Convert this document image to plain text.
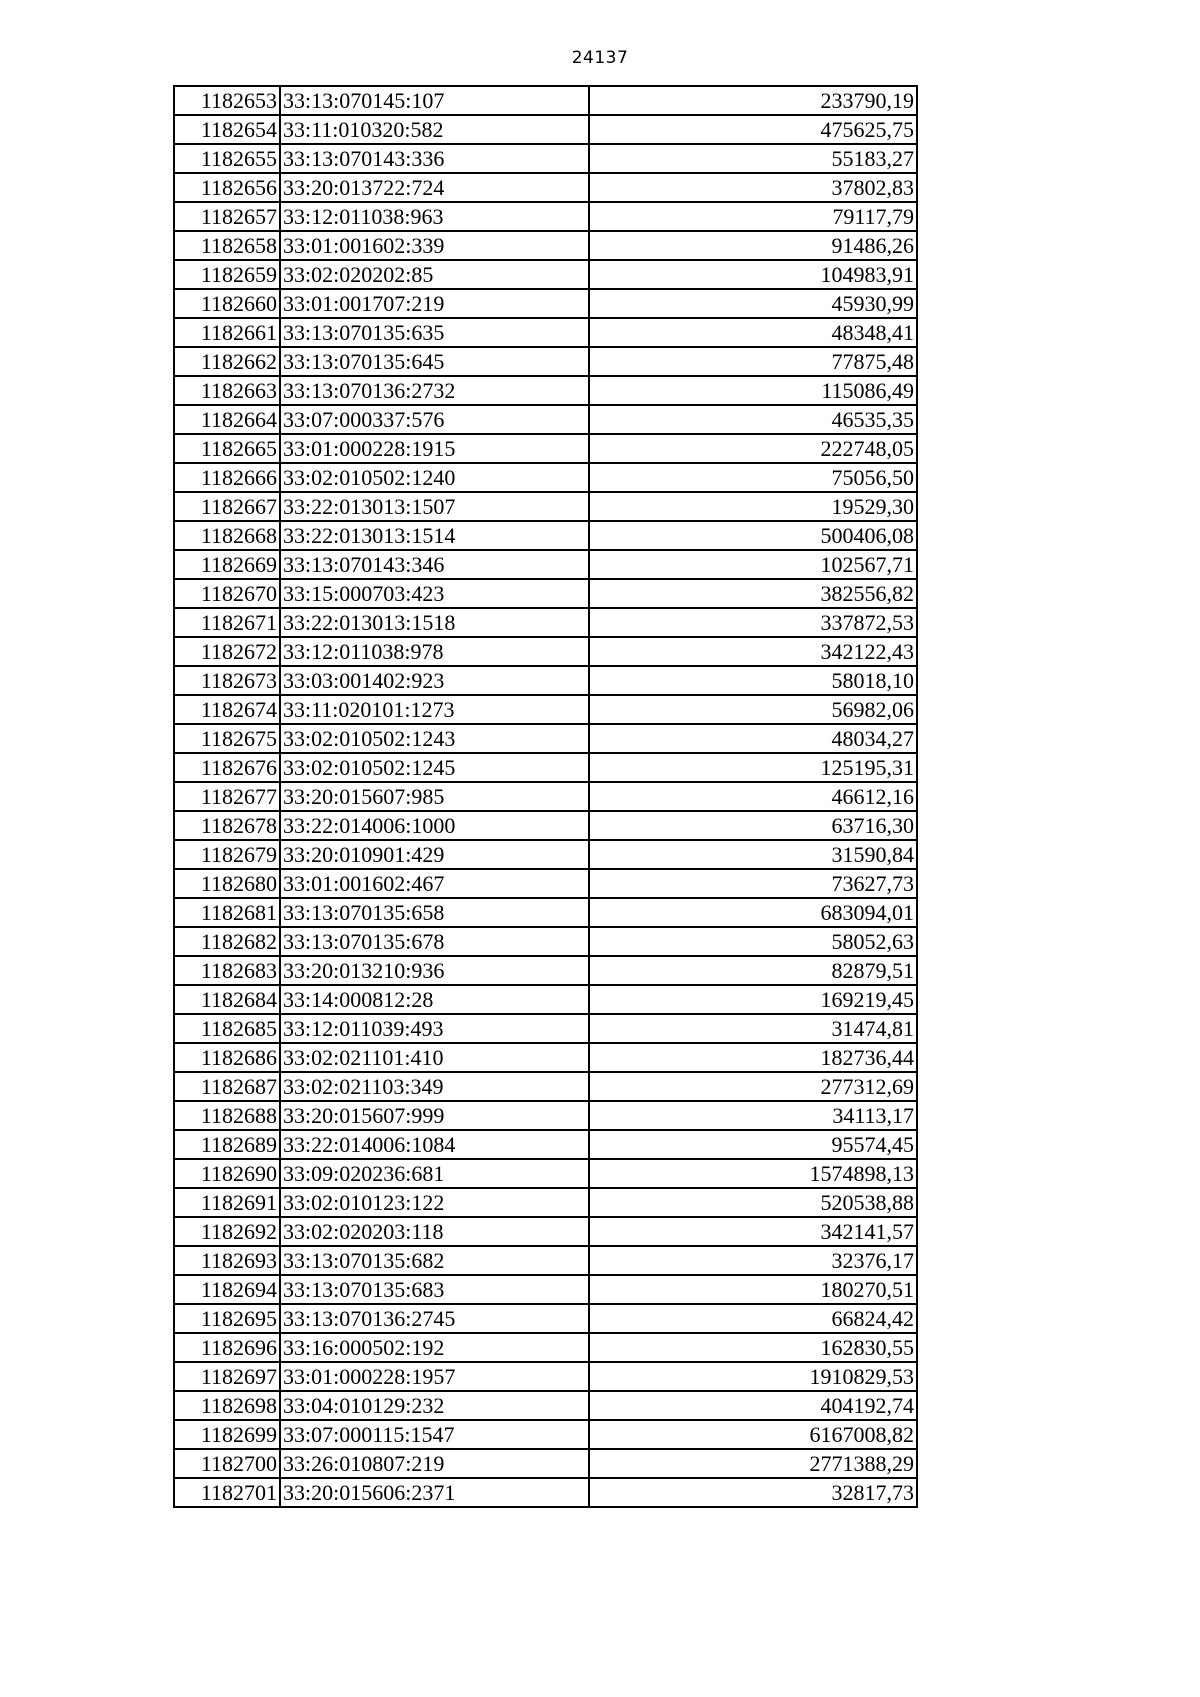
24137
1182653	33:13:070145:107	233790,19
1182654	33:11:010320:582	475625,75
1182655	33:13:070143:336	55183,27
1182656	33:20:013722:724	37802,83
1182657	33:12:011038:963	79117,79
1182658	33:01:001602:339	91486,26
1182659	33:02:020202:85	104983,91
1182660	33:01:001707:219	45930,99
1182661	33:13:070135:635	48348,41
1182662	33:13:070135:645	77875,48
1182663	33:13:070136:2732	115086,49
1182664	33:07:000337:576	46535,35
1182665	33:01:000228:1915	222748,05
1182666	33:02:010502:1240	75056,50
1182667	33:22:013013:1507	19529,30
1182668	33:22:013013:1514	500406,08
1182669	33:13:070143:346	102567,71
1182670	33:15:000703:423	382556,82
1182671	33:22:013013:1518	337872,53
1182672	33:12:011038:978	342122,43
1182673	33:03:001402:923	58018,10
1182674	33:11:020101:1273	56982,06
1182675	33:02:010502:1243	48034,27
1182676	33:02:010502:1245	125195,31
1182677	33:20:015607:985	46612,16
1182678	33:22:014006:1000	63716,30
1182679	33:20:010901:429	31590,84
1182680	33:01:001602:467	73627,73
1182681	33:13:070135:658	683094,01
1182682	33:13:070135:678	58052,63
1182683	33:20:013210:936	82879,51
1182684	33:14:000812:28	169219,45
1182685	33:12:011039:493	31474,81
1182686	33:02:021101:410	182736,44
1182687	33:02:021103:349	277312,69
1182688	33:20:015607:999	34113,17
1182689	33:22:014006:1084	95574,45
1182690	33:09:020236:681	1574898,13
1182691	33:02:010123:122	520538,88
1182692	33:02:020203:118	342141,57
1182693	33:13:070135:682	32376,17
1182694	33:13:070135:683	180270,51
1182695	33:13:070136:2745	66824,42
1182696	33:16:000502:192	162830,55
1182697	33:01:000228:1957	1910829,53
1182698	33:04:010129:232	404192,74
1182699	33:07:000115:1547	6167008,82
1182700	33:26:010807:219	2771388,29
1182701	33:20:015606:2371	32817,73
